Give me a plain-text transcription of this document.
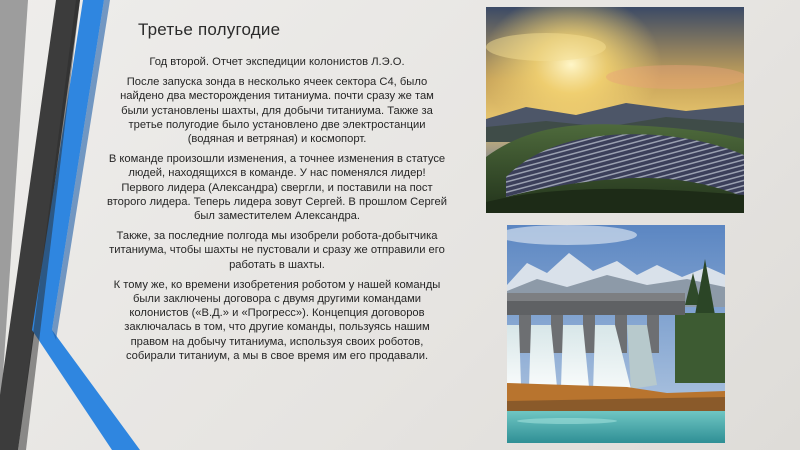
Третье полугодие

Год второй. Отчет экспедиции колонистов Л.Э.О.

После запуска зонда в несколько ячеек сектора С4, было найдено два месторождения титаниума. почти сразу же там были установлены шахты, для добычи титаниума. Также за третье полугодие было установлено две электростанции (водяная и ветряная) и космопорт.

В команде произошли изменения, а точнее изменения в статусе людей, находящихся в команде. У нас поменялся лидер! Первого лидера (Александра) свергли, и поставили на пост второго лидера. Теперь лидера зовут Сергей. В прошлом Сергей был заместителем Александра.

Также, за последние полгода мы изобрели робота-добытчика титаниума, чтобы шахты не пустовали и сразу же отправили его работать в шахты.

К тому же, ко времени изобретения роботом у нашей команды были заключены договора с двумя другими командами колонистов («В.Д.» и «Прогресс»). Концепция договоров заключалась в том, что другие команды, пользуясь нашим правом на добычу титаниума, используя своих роботов, собирали титаниум, а мы в свое время им его продавали.
